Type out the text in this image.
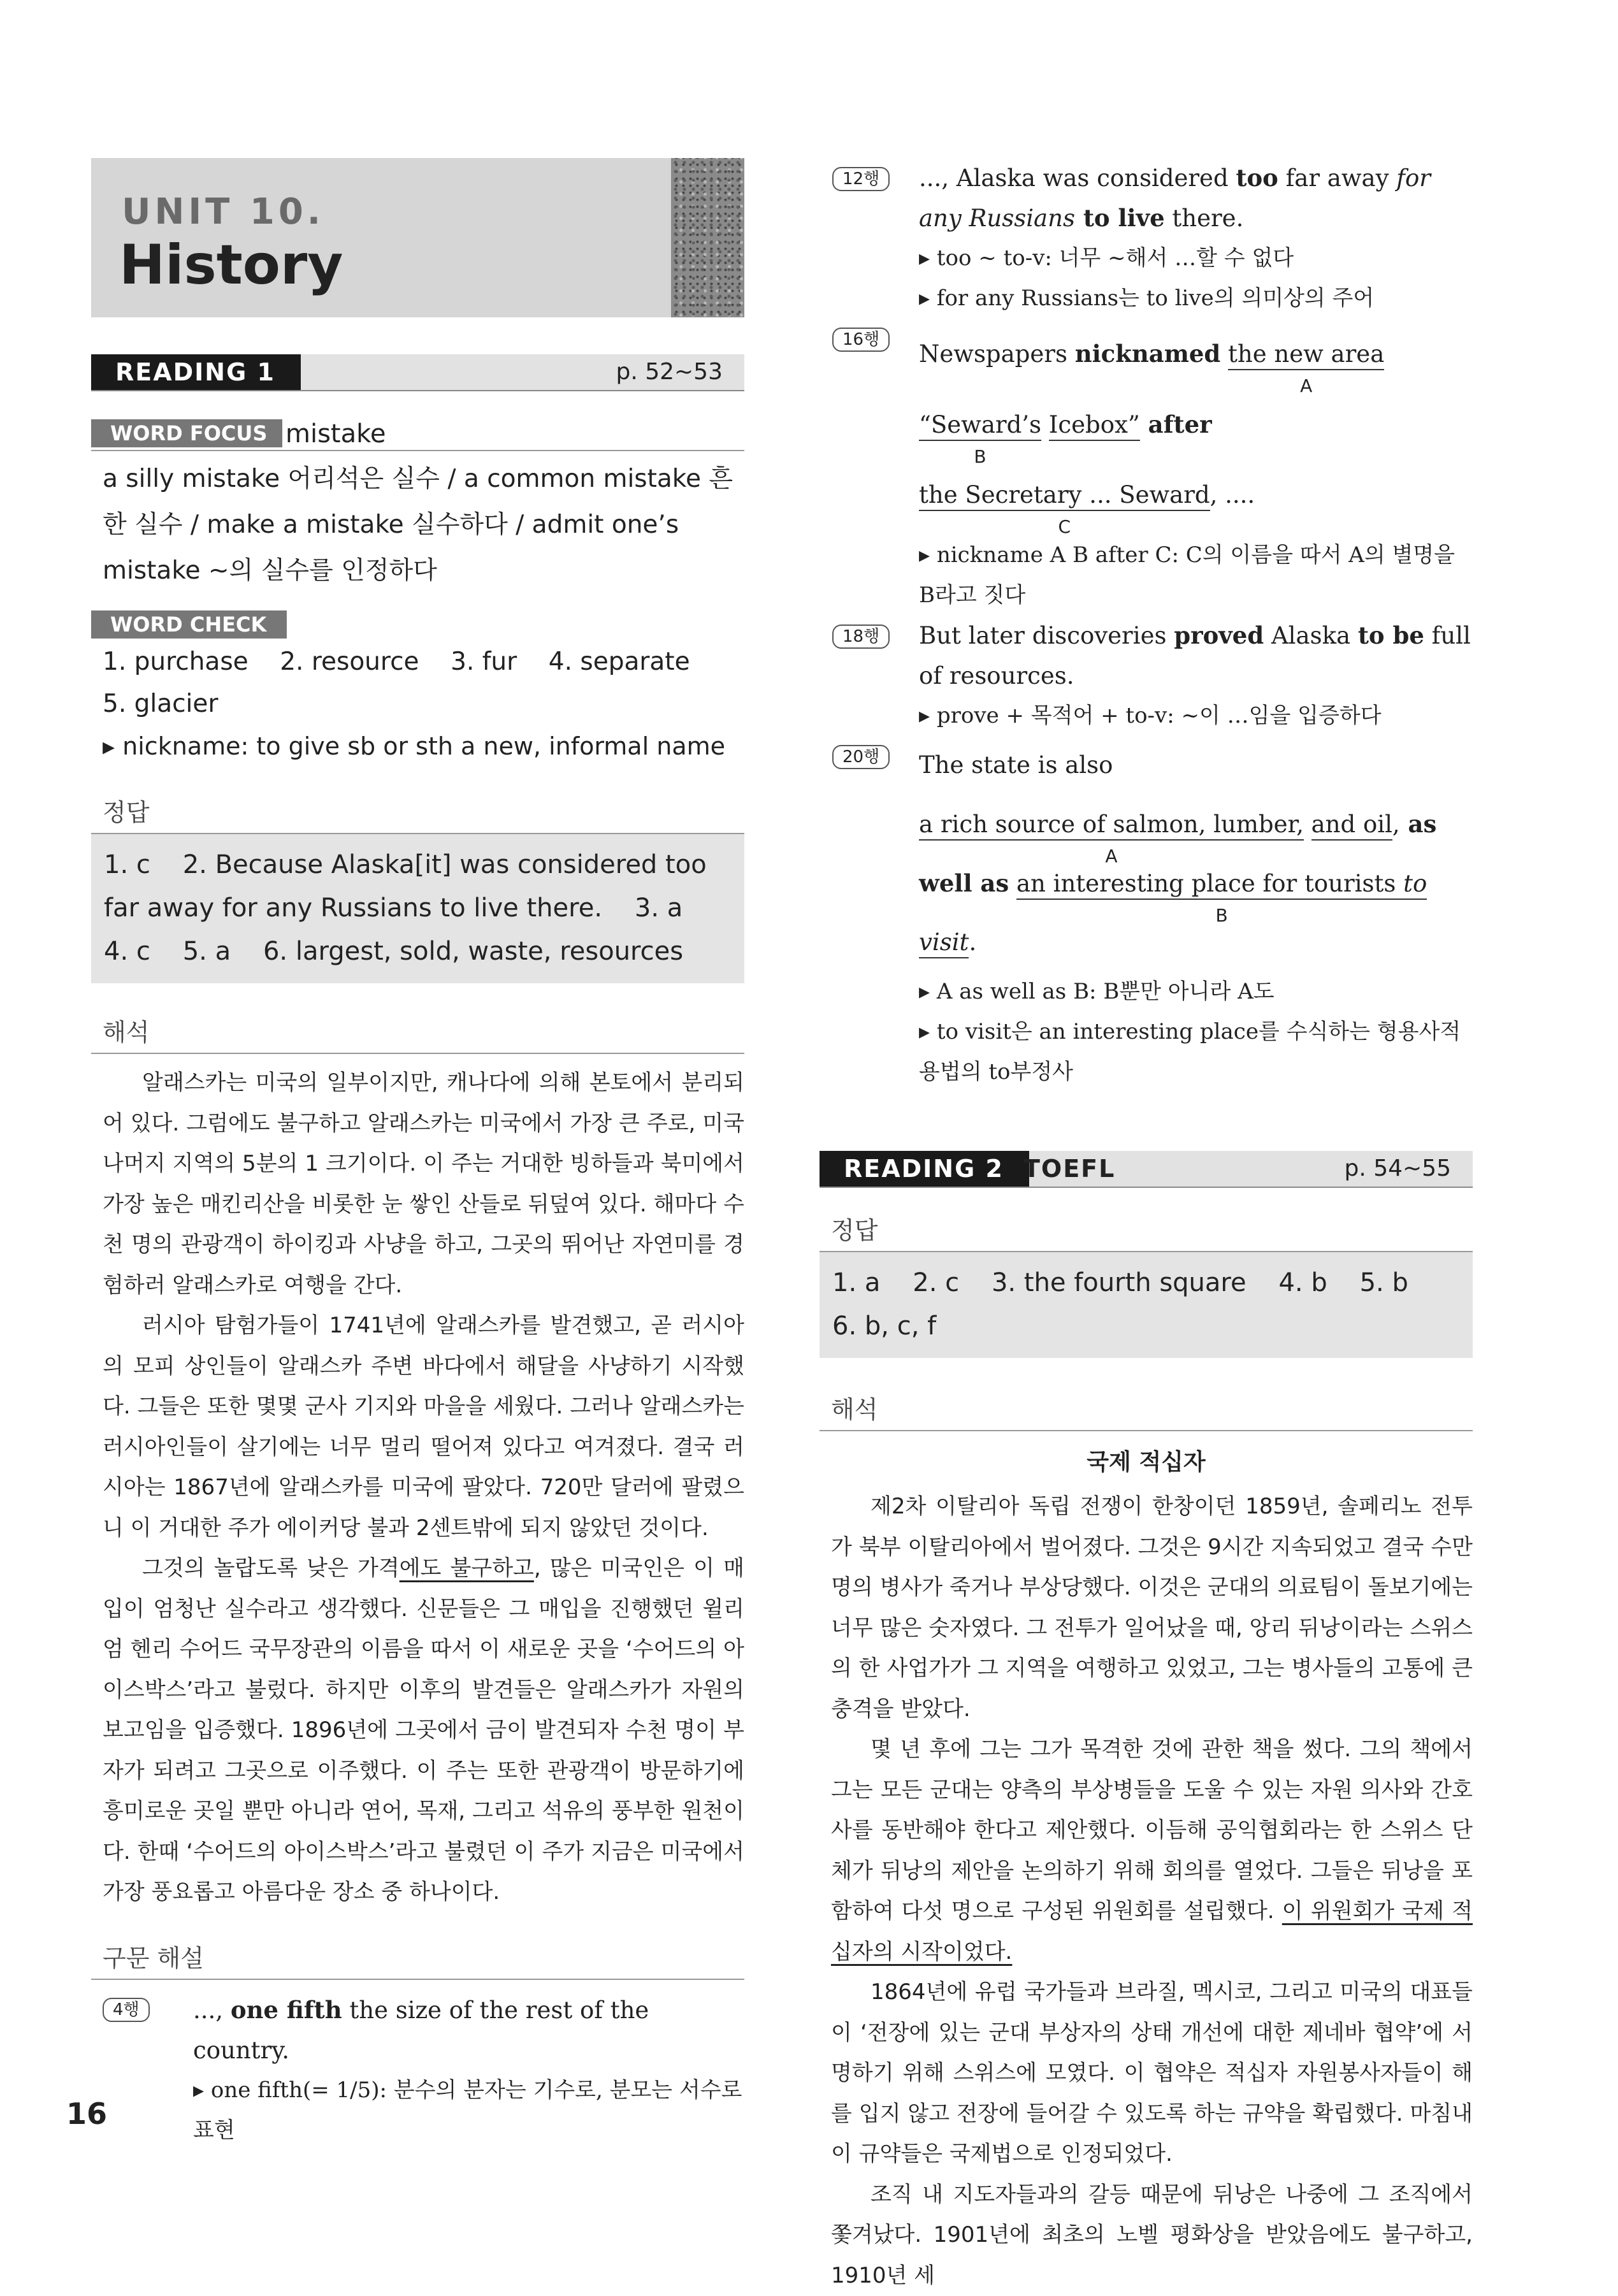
UNIT 10.
History
READING 1	p. 52~53
WORD FOCUS mistake
a silly mistake 어리석은 실수 / a common mistake 흔한 실수 / make a mistake 실수하다 / admit one’s mistake ~의 실수를 인정하다
WORD CHECK
1. purchase    2. resource    3. fur    4. separate
5. glacier
▸ nickname: to give sb or sth a new, informal name
정답
1. c    2. Because Alaska[it] was considered too far away for any Russians to live there.    3. a    4. c    5. a    6. largest, sold, waste, resources
해석
알래스카는 미국의 일부이지만, 캐나다에 의해 본토에서 분리되어 있다. 그럼에도 불구하고 알래스카는 미국에서 가장 큰 주로, 미국 나머지 지역의 5분의 1 크기이다. 이 주는 거대한 빙하들과 북미에서 가장 높은 매킨리산을 비롯한 눈 쌓인 산들로 뒤덮여 있다. 해마다 수천 명의 관광객이 하이킹과 사냥을 하고, 그곳의 뛰어난 자연미를 경험하러 알래스카로 여행을 간다.
러시아 탐험가들이 1741년에 알래스카를 발견했고, 곧 러시아의 모피 상인들이 알래스카 주변 바다에서 해달을 사냥하기 시작했다. 그들은 또한 몇몇 군사 기지와 마을을 세웠다. 그러나 알래스카는 러시아인들이 살기에는 너무 멀리 떨어져 있다고 여겨졌다. 결국 러시아는 1867년에 알래스카를 미국에 팔았다. 720만 달러에 팔렸으니 이 거대한 주가 에이커당 불과 2센트밖에 되지 않았던 것이다.
그것의 놀랍도록 낮은 가격에도 불구하고, 많은 미국인은 이 매입이 엄청난 실수라고 생각했다. 신문들은 그 매입을 진행했던 윌리엄 헨리 수어드 국무장관의 이름을 따서 이 새로운 곳을 ‘수어드의 아이스박스’라고 불렀다. 하지만 이후의 발견들은 알래스카가 자원의 보고임을 입증했다. 1896년에 그곳에서 금이 발견되자 수천 명이 부자가 되려고 그곳으로 이주했다. 이 주는 또한 관광객이 방문하기에 흥미로운 곳일 뿐만 아니라 연어, 목재, 그리고 석유의 풍부한 원천이다. 한때 ‘수어드의 아이스박스’라고 불렸던 이 주가 지금은 미국에서 가장 풍요롭고 아름다운 장소 중 하나이다.
구문 해설
4행	..., one fifth the size of the rest of the country.
▸ one fifth(= 1/5): 분수의 분자는 기수로, 분모는 서수로 표현
12행	..., Alaska was considered too far away for any Russians to live there.
▸ too ~ to-v: 너무 ~해서 …할 수 없다
▸ for any Russians는 to live의 의미상의 주어
16행
Newspapers nicknamed the new area
A
“Seward’s
B
Icebox” after the Secretary ... Seward
C
, ....
▸ nickname A B after C: C의 이름을 따서 A의 별명을 B라고 짓다
18행	But later discoveries proved Alaska to be full of resources.
▸ prove + 목적어 + to-v: ~이 …임을 입증하다
20행	The state is also a rich source of salmon, lumber,
A
and oil, as well as an interesting place for tourists to
B
visit.
▸ A as well as B: B뿐만 아니라 A도
▸ to visit은 an interesting place를 수식하는 형용사적 용법의 to부정사
READING 2 TOEFL	p. 54~55
정답
1. a    2. c    3. the fourth square    4. b    5. b
6. b, c, f
해석
국제 적십자
제2차 이탈리아 독립 전쟁이 한창이던 1859년, 솔페리노 전투가 북부 이탈리아에서 벌어졌다. 그것은 9시간 지속되었고 결국 수만 명의 병사가 죽거나 부상당했다. 이것은 군대의 의료팀이 돌보기에는 너무 많은 숫자였다. 그 전투가 일어났을 때, 앙리 뒤낭이라는 스위스의 한 사업가가 그 지역을 여행하고 있었고, 그는 병사들의 고통에 큰 충격을 받았다.
몇 년 후에 그는 그가 목격한 것에 관한 책을 썼다. 그의 책에서 그는 모든 군대는 양측의 부상병들을 도울 수 있는 자원 의사와 간호사를 동반해야 한다고 제안했다. 이듬해 공익협회라는 한 스위스 단체가 뒤낭의 제안을 논의하기 위해 회의를 열었다. 그들은 뒤낭을 포함하여 다섯 명으로 구성된 위원회를 설립했다. 이 위원회가 국제 적십자의 시작이었다.
1864년에 유럽 국가들과 브라질, 멕시코, 그리고 미국의 대표들이 ‘전장에 있는 군대 부상자의 상태 개선에 대한 제네바 협약’에 서명하기 위해 스위스에 모였다. 이 협약은 적십자 자원봉사자들이 해를 입지 않고 전장에 들어갈 수 있도록 하는 규약을 확립했다. 마침내 이 규약들은 국제법으로 인정되었다.
조직 내 지도자들과의 갈등 때문에 뒤낭은 나중에 그 조직에서 쫓겨났다. 1901년에 최초의 노벨 평화상을 받았음에도 불구하고, 1910년 세
16
